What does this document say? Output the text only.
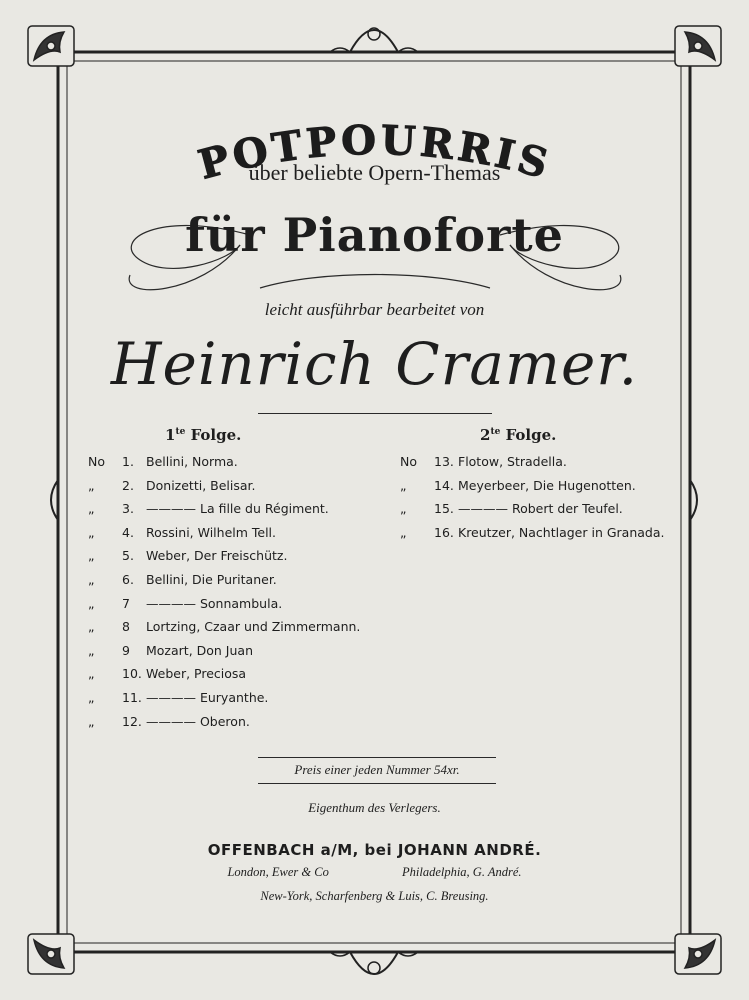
POTPOURRIS
über beliebte Opern-Themas
für Pianoforte
leicht ausführbar bearbeitet von
Heinrich Cramer.
$1^{te}$ Folge.
No 1. Bellini, Norma.
„ 2. Donizetti, Belisar.
„ 3. ———— La fille du Régiment.
„ 4. Rossini, Wilhelm Tell.
„ 5. Weber, Der Freischütz.
„ 6. Bellini, Die Puritaner.
„ 7 ———— Sonnambula.
„ 8 Lortzing, Czaar und Zimmermann.
„ 9 Mozart, Don Juan
„ 10. Weber, Preciosa
„ 11. ———— Euryanthe.
„ 12. ———— Oberon.
$2^{te}$ Folge.
No 13. Flotow, Stradella.
„ 14. Meyerbeer, Die Hugenotten.
„ 15. ———— Robert der Teufel.
„ 16. Kreutzer, Nachtlager in Granada.
Preis einer jeden Nummer 54xr.
Eigenthum des Verlegers.
OFFENBACH a/M, bei JOHANN ANDRÉ.
London, Ewer & Co	Philadelphia, G. André.
New-York, Scharfenberg & Luis, C. Breusing.
